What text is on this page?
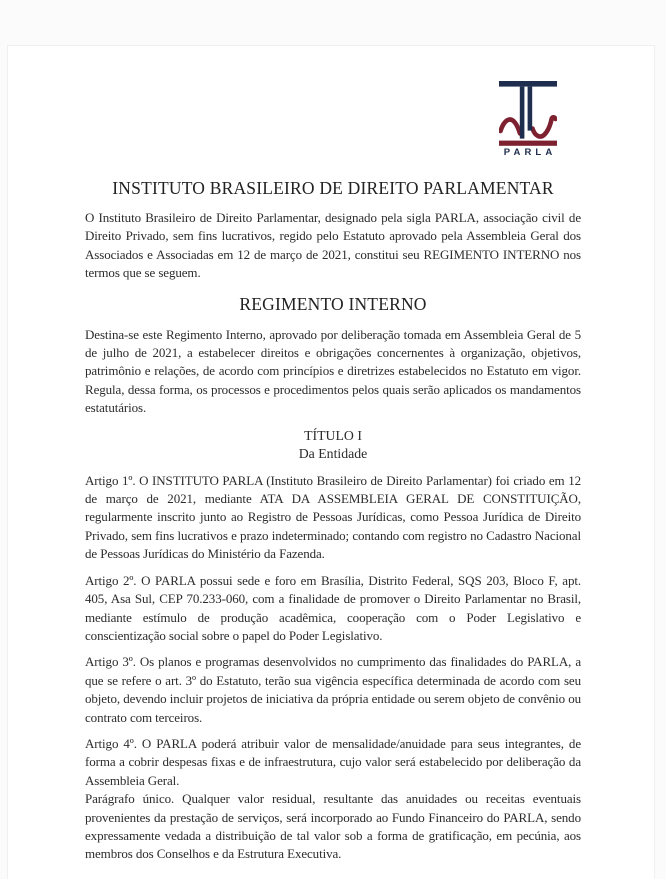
PARLA
INSTITUTO BRASILEIRO DE DIREITO PARLAMENTAR

O Instituto Brasileiro de Direito Parlamentar, designado pela sigla PARLA, associação civil de Direito Privado, sem fins lucrativos, regido pelo Estatuto aprovado pela Assembleia Geral dos Associados e Associadas em 12 de março de 2021, constitui seu REGIMENTO INTERNO nos termos que se seguem.

REGIMENTO INTERNO

Destina-se este Regimento Interno, aprovado por deliberação tomada em Assembleia Geral de 5 de julho de 2021, a estabelecer direitos e obrigações concernentes à organização, objetivos, patrimônio e relações, de acordo com princípios e diretrizes estabelecidos no Estatuto em vigor. Regula, dessa forma, os processos e procedimentos pelos quais serão aplicados os mandamentos estatutários.

TÍTULO I
Da Entidade

Artigo 1º. O INSTITUTO PARLA (Instituto Brasileiro de Direito Parlamentar) foi criado em 12 de março de 2021, mediante ATA DA ASSEMBLEIA GERAL DE CONSTITUIÇÃO, regularmente inscrito junto ao Registro de Pessoas Jurídicas, como Pessoa Jurídica de Direito Privado, sem fins lucrativos e prazo indeterminado; contando com registro no Cadastro Nacional de Pessoas Jurídicas do Ministério da Fazenda.

Artigo 2º. O PARLA possui sede e foro em Brasília, Distrito Federal, SQS 203, Bloco F, apt. 405, Asa Sul, CEP 70.233-060, com a finalidade de promover o Direito Parlamentar no Brasil, mediante estímulo de produção acadêmica, cooperação com o Poder Legislativo e conscientização social sobre o papel do Poder Legislativo.

Artigo 3º. Os planos e programas desenvolvidos no cumprimento das finalidades do PARLA, a que se refere o art. 3º do Estatuto, terão sua vigência específica determinada de acordo com seu objeto, devendo incluir projetos de iniciativa da própria entidade ou serem objeto de convênio ou contrato com terceiros.

Artigo 4º. O PARLA poderá atribuir valor de mensalidade/anuidade para seus integrantes, de forma a cobrir despesas fixas e de infraestrutura, cujo valor será estabelecido por deliberação da Assembleia Geral.

Parágrafo único. Qualquer valor residual, resultante das anuidades ou receitas eventuais provenientes da prestação de serviços, será incorporado ao Fundo Financeiro do PARLA, sendo expressamente vedada a distribuição de tal valor sob a forma de gratificação, em pecúnia, aos membros dos Conselhos e da Estrutura Executiva.
